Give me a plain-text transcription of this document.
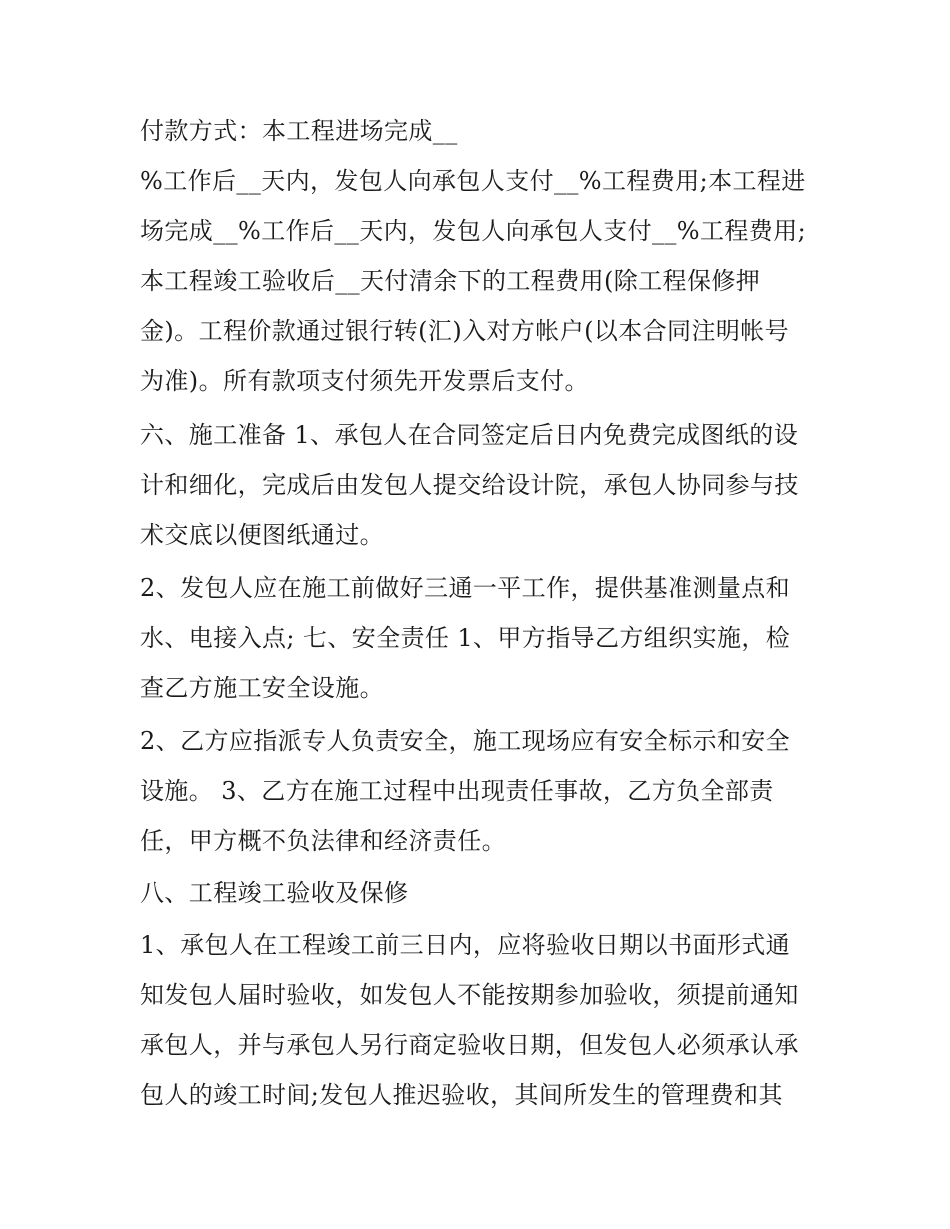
付款方式：本工程进场完成__
%工作后__天内，发包人向承包人支付__%工程费用;本工程进
场完成__%工作后__天内，发包人向承包人支付__%工程费用;
本工程竣工验收后__天付清余下的工程费用(除工程保修押
金)。工程价款通过银行转(汇)入对方帐户(以本合同注明帐号
为准)。所有款项支付须先开发票后支付。
六、施工准备 1、承包人在合同签定后日内免费完成图纸的设
计和细化，完成后由发包人提交给设计院，承包人协同参与技
术交底以便图纸通过。
2、发包人应在施工前做好三通一平工作，提供基准测量点和
水、电接入点; 七、安全责任 1、甲方指导乙方组织实施，检
查乙方施工安全设施。
2、乙方应指派专人负责安全，施工现场应有安全标示和安全
设施。 3、乙方在施工过程中出现责任事故，乙方负全部责
任，甲方概不负法律和经济责任。
八、工程竣工验收及保修
1、承包人在工程竣工前三日内，应将验收日期以书面形式通
知发包人届时验收，如发包人不能按期参加验收，须提前通知
承包人，并与承包人另行商定验收日期，但发包人必须承认承
包人的竣工时间;发包人推迟验收，其间所发生的管理费和其
